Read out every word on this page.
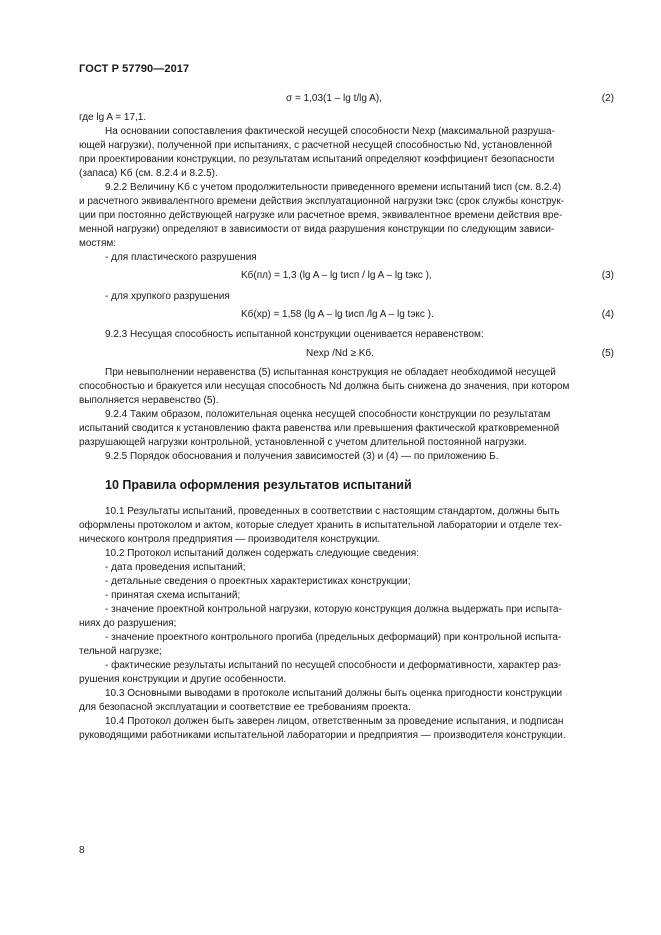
ГОСТ Р 57790—2017
σ = 1,03(1 – lg t/lg A),	(2)
где lg A = 17,1.
На основании сопоставления фактической несущей способности Nexp (максимальной разруша-
ющей нагрузки), полученной при испытаниях, с расчетной несущей способностью Nd, установленной
при проектировании конструкции, по результатам испытаний определяют коэффициент безопасности
(запаса) Kб (см. 8.2.4 и 8.2.5).
9.2.2 Величину Kб с учетом продолжительности приведенного времени испытаний tисп (см. 8.2.4)
и расчетного эквивалентного времени действия эксплуатационной нагрузки tэкс (срок службы конструк-
ции при постоянно действующей нагрузке или расчетное время, эквивалентное времени действия вре-
менной нагрузки) определяют в зависимости от вида разрушения конструкции по следующим зависи-
мостям:
- для пластического разрушения
Kб(пл) = 1,3 (lg A – lg tисп / lg A – lg tэкс ),	(3)
- для хрупкого разрушения
Kб(хр) = 1,58 (lg A – lg tисп /lg A – lg tэкс ).	(4)
9.2.3 Несущая способность испытанной конструкции оценивается неравенством:
Nexp /Nd ≥ Kб.	(5)
При невыполнении неравенства (5) испытанная конструкция не обладает необходимой несущей
способностью и бракуется или несущая способность Nd должна быть снижена до значения, при котором
выполняется неравенство (5).
9.2.4 Таким образом, положительная оценка несущей способности конструкции по результатам
испытаний сводится к установлению факта равенства или превышения фактической кратковременной
разрушающей нагрузки контрольной, установленной с учетом длительной постоянной нагрузки.
9.2.5 Порядок обоснования и получения зависимостей (3) и (4) — по приложению Б.
10 Правила оформления результатов испытаний
10.1 Результаты испытаний, проведенных в соответствии с настоящим стандартом, должны быть
оформлены протоколом и актом, которые следует хранить в испытательной лаборатории и отделе тех-
нического контроля предприятия — производителя конструкции.
10.2 Протокол испытаний должен содержать следующие сведения:
- дата проведения испытаний;
- детальные сведения о проектных характеристиках конструкции;
- принятая схема испытаний;
- значение проектной контрольной нагрузки, которую конструкция должна выдержать при испыта-
ниях до разрушения;
- значение проектного контрольного прогиба (предельных деформаций) при контрольной испыта-
тельной нагрузке;
- фактические результаты испытаний по несущей способности и деформативности, характер раз-
рушения конструкции и другие особенности.
10.3 Основными выводами в протоколе испытаний должны быть оценка пригодности конструкции
для безопасной эксплуатации и соответствие ее требованиям проекта.
10.4 Протокол должен быть заверен лицом, ответственным за проведение испытания, и подписан
руководящими работниками испытательной лаборатории и предприятия — производителя конструкции.
8
